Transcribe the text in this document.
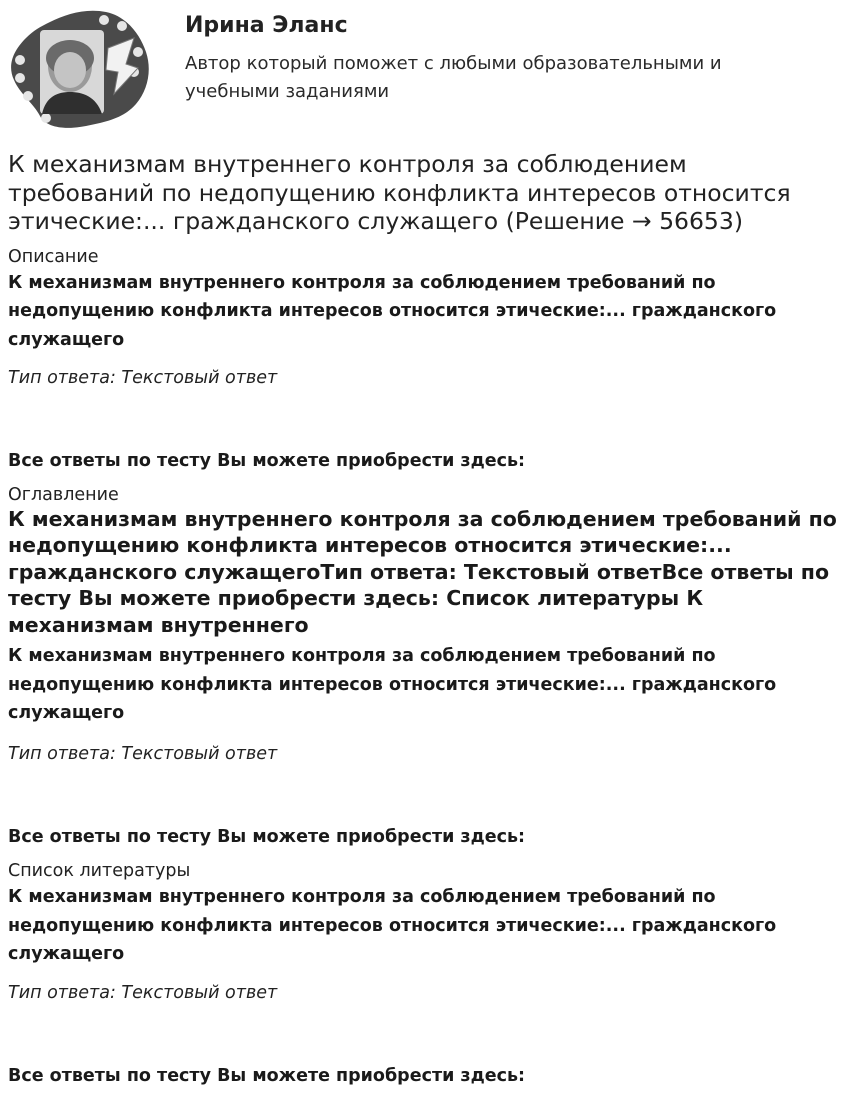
Ирина Эланс
Автор который поможет с любыми образовательными и учебными заданиями
К механизмам внутреннего контроля за соблюдением требований по недопущению конфликта интересов относится этические:... гражданского служащего (Решение → 56653)
Описание
К механизмам внутреннего контроля за соблюдением требований по недопущению конфликта интересов относится этические:... гражданского служащего
Тип ответа: Текстовый ответ
Все ответы по тесту Вы можете приобрести здесь:
Оглавление
К механизмам внутреннего контроля за соблюдением требований по недопущению конфликта интересов относится этические:... гражданского служащегоТип ответа: Текстовый ответВсе ответы по тесту Вы можете приобрести здесь: Список литературы К механизмам внутреннего
К механизмам внутреннего контроля за соблюдением требований по недопущению конфликта интересов относится этические:... гражданского служащего
Тип ответа: Текстовый ответ
Все ответы по тесту Вы можете приобрести здесь:
Список литературы
К механизмам внутреннего контроля за соблюдением требований по недопущению конфликта интересов относится этические:... гражданского служащего
Тип ответа: Текстовый ответ
Все ответы по тесту Вы можете приобрести здесь:
